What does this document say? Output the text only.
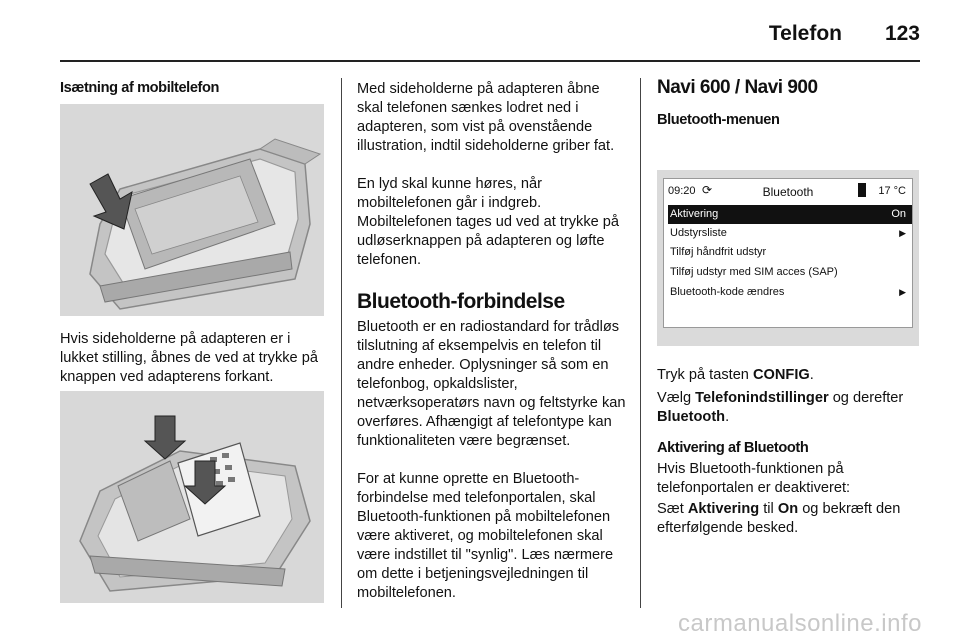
Telefon 123
Isætning af mobiltelefon
Hvis sideholderne på adapteren er i lukket stilling, åbnes de ved at trykke på knappen ved adapterens forkant.
Med sideholderne på adapteren åbne skal telefonen sænkes lodret ned i adapteren, som vist på ovenstående illustration, indtil sideholderne griber fat.
En lyd skal kunne høres, når mobiltelefonen går i indgreb.
Mobiltelefonen tages ud ved at trykke på udløserknappen på adapteren og løfte telefonen.
Bluetooth-forbindelse
Bluetooth er en radiostandard for trådløs tilslutning af eksempelvis en telefon til andre enheder. Oplysninger så som en telefonbog, opkaldslister, netværksoperatørs navn og feltstyrke kan overføres. Afhængigt af telefontype kan funktionaliteten være begrænset.
For at kunne oprette en Bluetooth-forbindelse med telefonportalen, skal Bluetooth-funktionen på mobiltelefonen være aktiveret, og mobiltelefonen skal være indstillet til "synlig". Læs nærmere om dette i betjeningsvejledningen til mobiltelefonen.
Navi 600 / Navi 900
Bluetooth-menuen
09:20 ⟳	Bluetooth	17 °C
Aktivering	On
Udstyrsliste	▶
Tilføj håndfrit udstyr
Tilføj udstyr med SIM acces (SAP)
Bluetooth-kode ændres	▶
Tryk på tasten CONFIG.
Vælg Telefonindstillinger og derefter Bluetooth.
Aktivering af Bluetooth
Hvis Bluetooth-funktionen på telefonportalen er deaktiveret:
Sæt Aktivering til On og bekræft den efterfølgende besked.
carmanualsonline.info
